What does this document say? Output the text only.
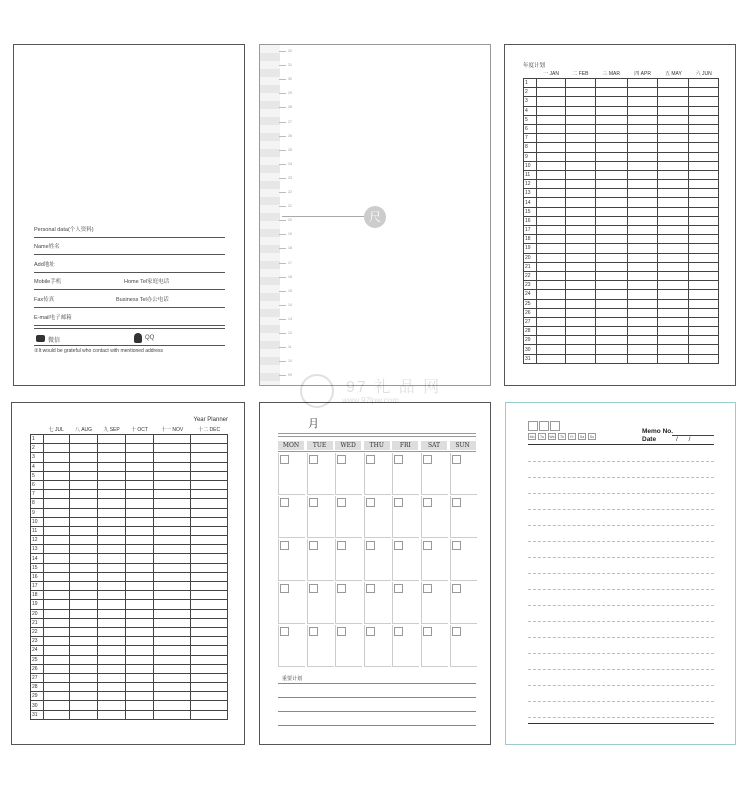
Personal data(个人资料)
Name姓名
Add地址
Mobile手机	Home Tel家庭电话
Fax传真	Business Tel办公电话
E-mail电子邮箱
微信	QQ
②It would be grateful who contact with mentioned address
32
31
30
29
28
27
26
25
24
23
22
21
20
19
18
17
16
15
14
13
12
11
10
09
尺
年度计划
	一 JAN	二 FEB	三 MAR	四 APR	五 MAY	六 JUN
1						
2						
3						
4						
5						
6						
7						
8						
9						
10						
11						
12						
13						
14						
15						
16						
17						
18						
19						
20						
21						
22						
23						
24						
25						
26						
27						
28						
29						
30						
31						
Year Planner
	七 JUL	八 AUG	九 SEP	十 OCT	十一 NOV	十二 DEC
1						
2						
3						
4						
5						
6						
7						
8						
9						
10						
11						
12						
13						
14						
15						
16						
17						
18						
19						
20						
21						
22						
23						
24						
25						
26						
27						
28						
29						
30						
31						
月
MON	TUE	WED	THU	FRI	SAT	SUN
重要计划
Mo	Tu	We	Th	Fr	Sa	Su
Memo No.
Date	/      /
97 礼 品 网
www.97lpw.com
